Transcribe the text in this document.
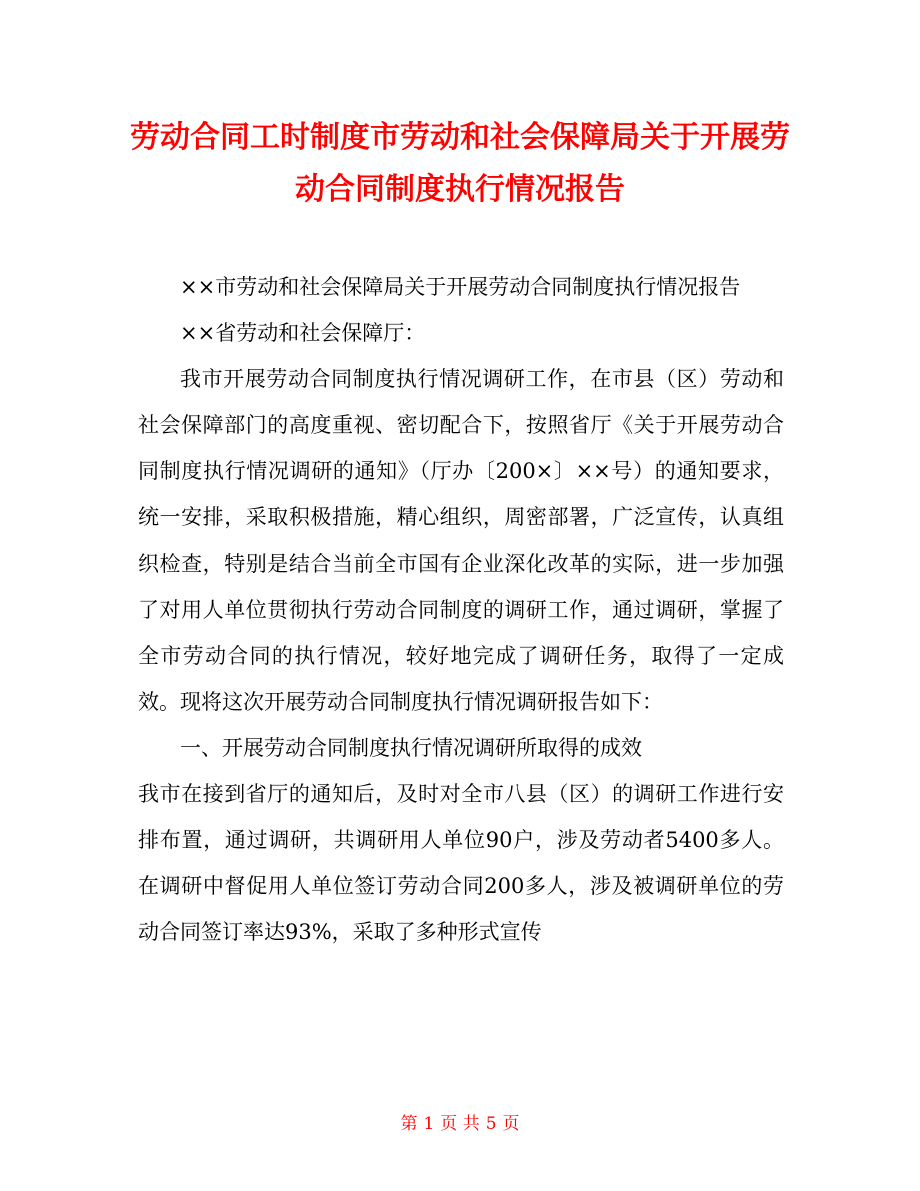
劳动合同工时制度市劳动和社会保障局关于开展劳动合同制度执行情况报告

××市劳动和社会保障局关于开展劳动合同制度执行情况报告

××省劳动和社会保障厅：

我市开展劳动合同制度执行情况调研工作，在市县（区）劳动和社会保障部门的高度重视、密切配合下，按照省厅《关于开展劳动合同制度执行情况调研的通知》（厅办〔200×〕××号）的通知要求，统一安排，采取积极措施，精心组织，周密部署，广泛宣传，认真组织检查，特别是结合当前全市国有企业深化改革的实际，进一步加强了对用人单位贯彻执行劳动合同制度的调研工作，通过调研，掌握了全市劳动合同的执行情况，较好地完成了调研任务，取得了一定成效。现将这次开展劳动合同制度执行情况调研报告如下：

一、开展劳动合同制度执行情况调研所取得的成效

我市在接到省厅的通知后，及时对全市八县（区）的调研工作进行安排布置，通过调研，共调研用人单位90户，涉及劳动者5400多人。在调研中督促用人单位签订劳动合同200多人，涉及被调研单位的劳动合同签订率达93%，采取了多种形式宣传

第 1 页 共 5 页
